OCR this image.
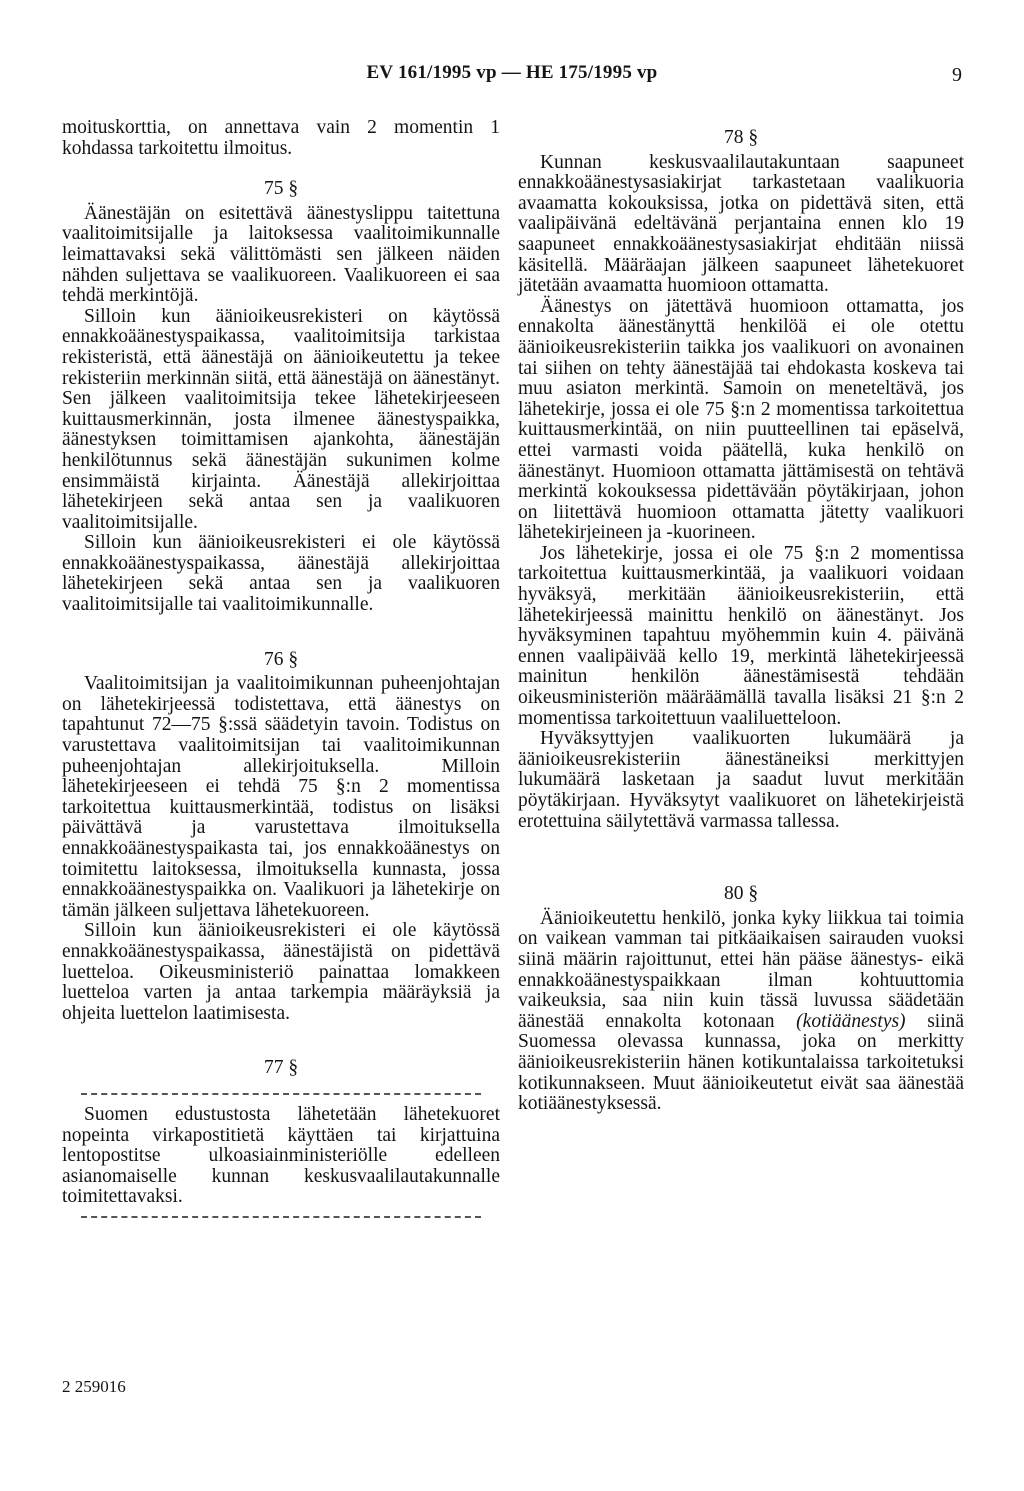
EV 161/1995 vp — HE 175/1995 vp	9

moituskorttia, on annettava vain 2 momentin 1 kohdassa tarkoitettu ilmoitus.

75 §

Äänestäjän on esitettävä äänestyslippu taitettuna vaalitoimitsijalle ja laitoksessa vaalitoimikunnalle leimattavaksi sekä välittömästi sen jälkeen näiden nähden suljettava se vaalikuoreen. Vaalikuoreen ei saa tehdä merkintöjä.

Silloin kun äänioikeusrekisteri on käytössä ennakkoäänestyspaikassa, vaalitoimitsija tarkistaa rekisteristä, että äänestäjä on äänioikeutettu ja tekee rekisteriin merkinnän siitä, että äänestäjä on äänestänyt. Sen jälkeen vaalitoimitsija tekee lähetekirjeeseen kuittausmerkinnän, josta ilmenee äänestyspaikka, äänestyksen toimittamisen ajankohta, äänestäjän henkilötunnus sekä äänestäjän sukunimen kolme ensimmäistä kirjainta. Äänestäjä allekirjoittaa lähetekirjeen sekä antaa sen ja vaalikuoren vaalitoimitsijalle.

Silloin kun äänioikeusrekisteri ei ole käytössä ennakkoäänestyspaikassa, äänestäjä allekirjoittaa lähetekirjeen sekä antaa sen ja vaalikuoren vaalitoimitsijalle tai vaalitoimikunnalle.

76 §

Vaalitoimitsijan ja vaalitoimikunnan puheenjohtajan on lähetekirjeessä todistettava, että äänestys on tapahtunut 72—75 §:ssä säädetyin tavoin. Todistus on varustettava vaalitoimitsijan tai vaalitoimikunnan puheenjohtajan allekirjoituksella. Milloin lähetekirjeeseen ei tehdä 75 §:n 2 momentissa tarkoitettua kuittausmerkintää, todistus on lisäksi päivättävä ja varustettava ilmoituksella ennakkoäänestyspaikasta tai, jos ennakkoäänestys on toimitettu laitoksessa, ilmoituksella kunnasta, jossa ennakkoäänestyspaikka on. Vaalikuori ja lähetekirje on tämän jälkeen suljettava lähetekuoreen.

Silloin kun äänioikeusrekisteri ei ole käytössä ennakkoäänestyspaikassa, äänestäjistä on pidettävä luetteloa. Oikeusministeriö painattaa lomakkeen luetteloa varten ja antaa tarkempia määräyksiä ja ohjeita luettelon laatimisesta.

77 §

Suomen edustustosta lähetetään lähetekuoret nopeinta virkapostitietä käyttäen tai kirjattuina lentopostitse ulkoasiainministeriölle edelleen asianomaiselle kunnan keskusvaalilautakunnalle toimitettavaksi.

78 §

Kunnan keskusvaalilautakuntaan saapuneet ennakkoäänestysasiakirjat tarkastetaan vaalikuoria avaamatta kokouksissa, jotka on pidettävä siten, että vaalipäivänä edeltävänä perjantaina ennen klo 19 saapuneet ennakkoäänestysasiakirjat ehditään niissä käsitellä. Määräajan jälkeen saapuneet lähetekuoret jätetään avaamatta huomioon ottamatta.

Äänestys on jätettävä huomioon ottamatta, jos ennakolta äänestänyttä henkilöä ei ole otettu äänioikeusrekisteriin taikka jos vaalikuori on avonainen tai siihen on tehty äänestäjää tai ehdokasta koskeva tai muu asiaton merkintä. Samoin on meneteltävä, jos lähetekirje, jossa ei ole 75 §:n 2 momentissa tarkoitettua kuittausmerkintää, on niin puutteellinen tai epäselvä, ettei varmasti voida päätellä, kuka henkilö on äänestänyt. Huomioon ottamatta jättämisestä on tehtävä merkintä kokouksessa pidettävään pöytäkirjaan, johon on liitettävä huomioon ottamatta jätetty vaalikuori lähetekirjeineen ja -kuorineen.

Jos lähetekirje, jossa ei ole 75 §:n 2 momentissa tarkoitettua kuittausmerkintää, ja vaalikuori voidaan hyväksyä, merkitään äänioikeusrekisteriin, että lähetekirjeessä mainittu henkilö on äänestänyt. Jos hyväksyminen tapahtuu myöhemmin kuin 4. päivänä ennen vaalipäivää kello 19, merkintä lähetekirjeessä mainitun henkilön äänestämisestä tehdään oikeusministeriön määräämällä tavalla lisäksi 21 §:n 2 momentissa tarkoitettuun vaaliluetteloon.

Hyväksyttyjen vaalikuorten lukumäärä ja äänioikeusrekisteriin äänestäneiksi merkittyjen lukumäärä lasketaan ja saadut luvut merkitään pöytäkirjaan. Hyväksytyt vaalikuoret on lähetekirjeistä erotettuina säilytettävä varmassa tallessa.

80 §

Äänioikeutettu henkilö, jonka kyky liikkua tai toimia on vaikean vamman tai pitkäaikaisen sairauden vuoksi siinä määrin rajoittunut, ettei hän pääse äänestys- eikä ennakkoäänestyspaikkaan ilman kohtuuttomia vaikeuksia, saa niin kuin tässä luvussa säädetään äänestää ennakolta kotonaan (kotiäänestys) siinä Suomessa olevassa kunnassa, joka on merkitty äänioikeusrekisteriin hänen kotikuntalaissa tarkoitetuksi kotikunnakseen. Muut äänioikeutetut eivät saa äänestää kotiäänestyksessä.

2 259016
